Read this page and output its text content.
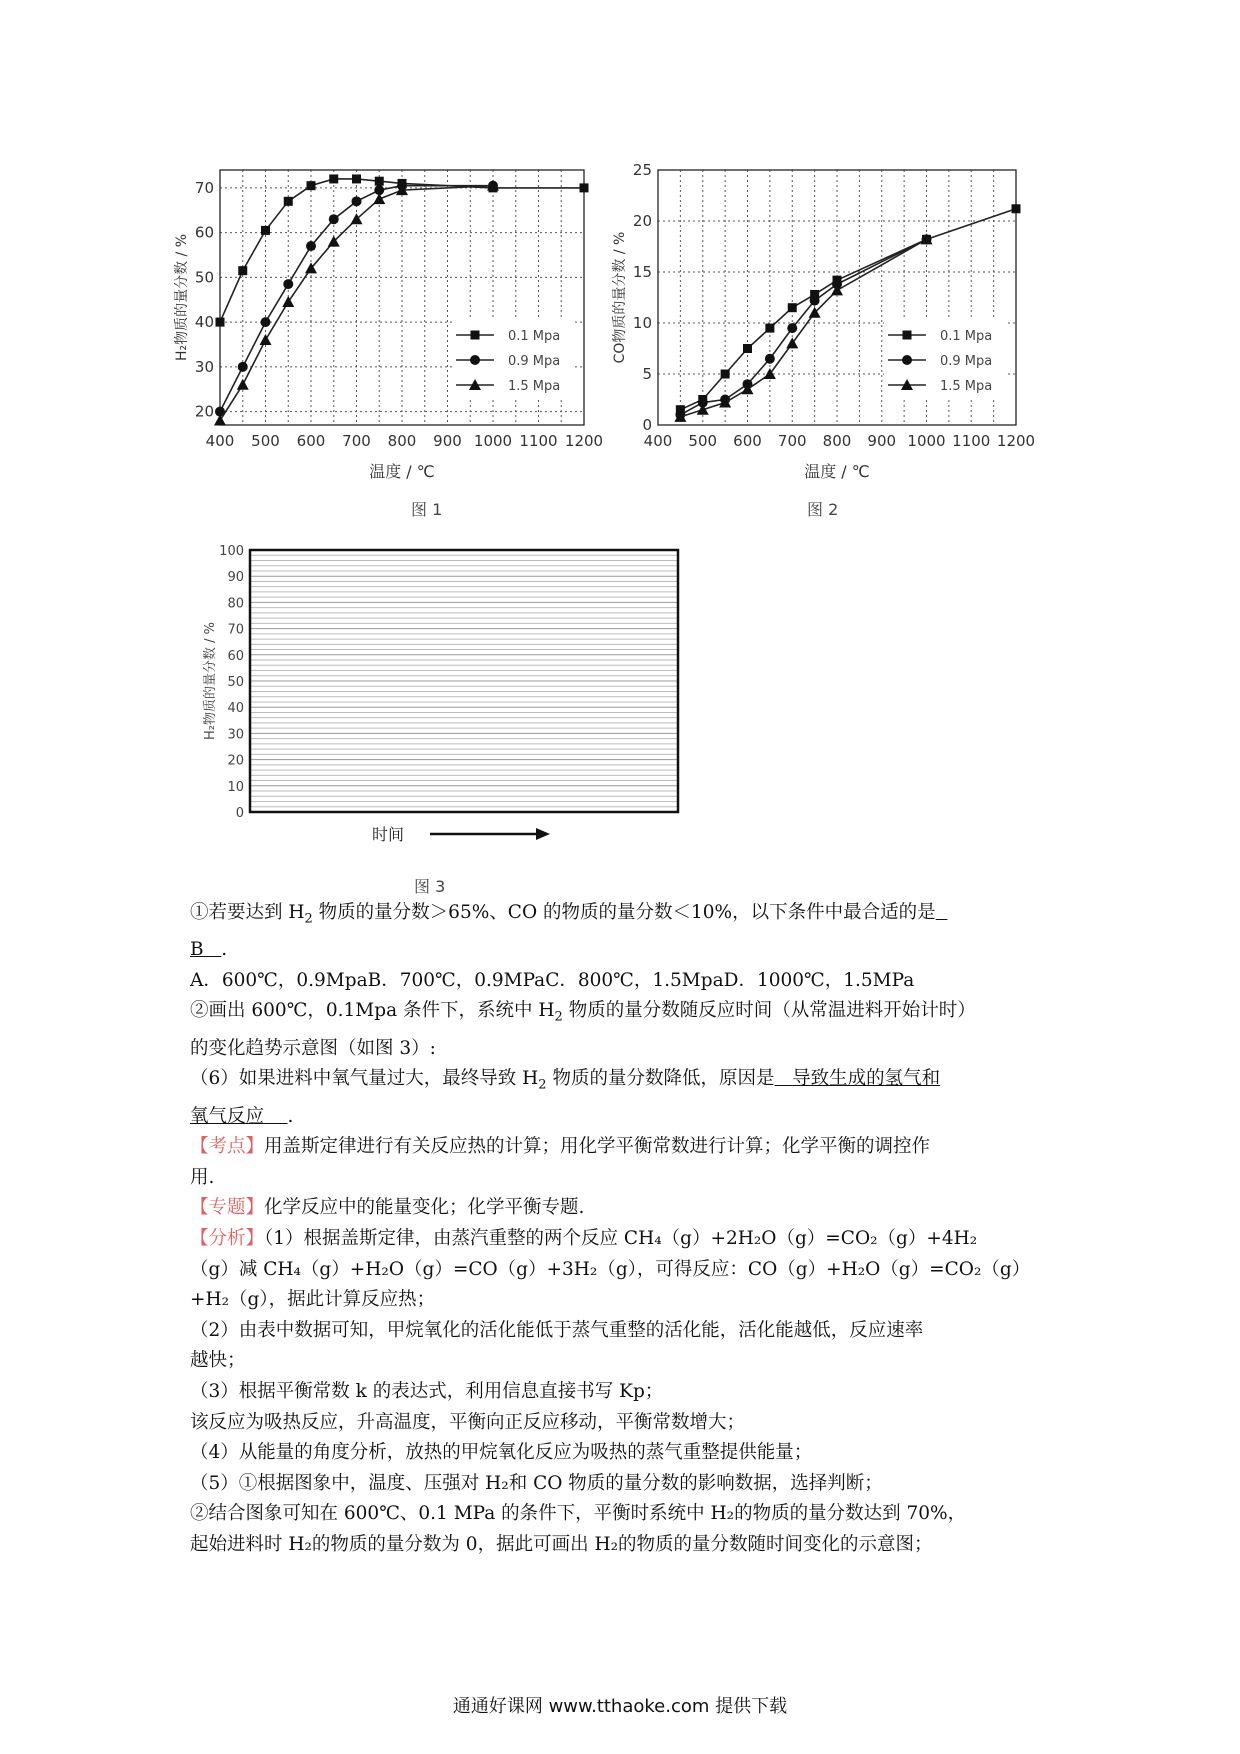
400 500 600 700 800 900 1000 1100 1200
20
30
40
50
60
70
温度 / ℃
H₂物质的量分数 / %	0.1 Mpa
0.9 Mpa
1.5 Mpa
图 1
400 500 600 700 800 900 1000 1100 1200
0
5
10
15
20
25
温度 / ℃
CO物质的量分数 / %	0.1 Mpa
0.9 Mpa
1.5 Mpa
图 2
0
10
20
30
40
50
60
70
80
90
100
H₂物质的量分数 / %
时间
图 3

①若要达到 $H_2$ 物质的量分数＞65%、CO 的物质的量分数＜10%，以下条件中最合适的是

B .

A．600℃，0.9MpaB．700℃，0.9MPaC．800℃，1.5MpaD．1000℃，1.5MPa

②画出 600℃，0.1Mpa 条件下，系统中 $H_2$ 物质的量分数随反应时间（从常温进料开始计时）

的变化趋势示意图（如图 3）:

（6）如果进料中氧气量过大，最终导致 $H_2$ 物质的量分数降低，原因是 导致生成的氢气和

氧气反应 .

【考点】用盖斯定律进行有关反应热的计算；用化学平衡常数进行计算；化学平衡的调控作

用.

【专题】化学反应中的能量变化；化学平衡专题.

【分析】（1）根据盖斯定律，由蒸汽重整的两个反应 CH₄（g）+2H₂O（g）=CO₂（g）+4H₂

（g）减 CH₄（g）+H₂O（g）=CO（g）+3H₂（g），可得反应：CO（g）+H₂O（g）=CO₂（g）

+H₂（g），据此计算反应热；

（2）由表中数据可知，甲烷氧化的活化能低于蒸气重整的活化能，活化能越低，反应速率

越快；

（3）根据平衡常数 k 的表达式，利用信息直接书写 Kp；

该反应为吸热反应，升高温度，平衡向正反应移动，平衡常数增大；

（4）从能量的角度分析，放热的甲烷氧化反应为吸热的蒸气重整提供能量；

（5）①根据图象中，温度、压强对 H₂和 CO 物质的量分数的影响数据，选择判断；

②结合图象可知在 600℃、0.1 MPa 的条件下，平衡时系统中 H₂的物质的量分数达到 70%，

起始进料时 H₂的物质的量分数为 0，据此可画出 H₂的物质的量分数随时间变化的示意图；

通通好课网 www.tthaoke.com 提供下载
